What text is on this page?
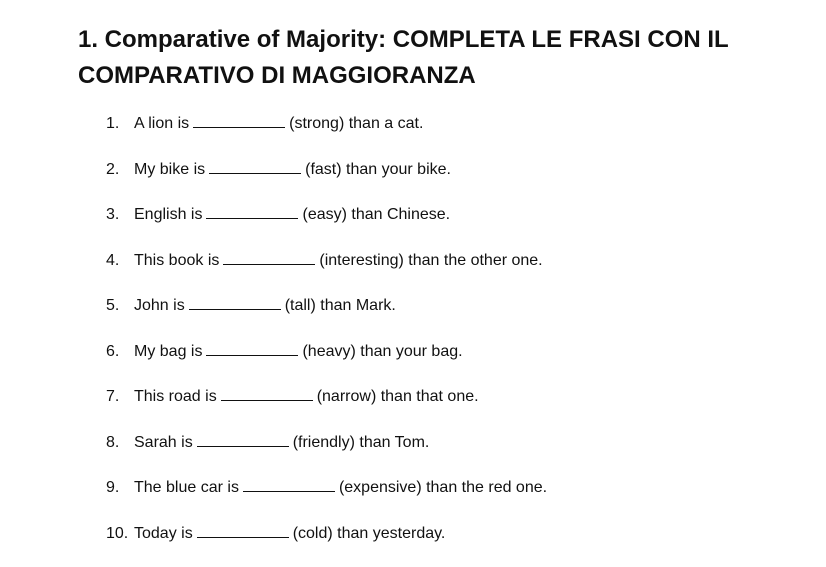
1. Comparative of Majority: COMPLETA LE FRASI CON IL COMPARATIVO DI MAGGIORANZA
1. A lion is	(strong) than a cat.
2. My bike is	(fast) than your bike.
3. English is	(easy) than Chinese.
4. This book is	(interesting) than the other one.
5. John is	(tall) than Mark.
6. My bag is	(heavy) than your bag.
7. This road is	(narrow) than that one.
8. Sarah is	(friendly) than Tom.
9. The blue car is	(expensive) than the red one.
10. Today is	(cold) than yesterday.
